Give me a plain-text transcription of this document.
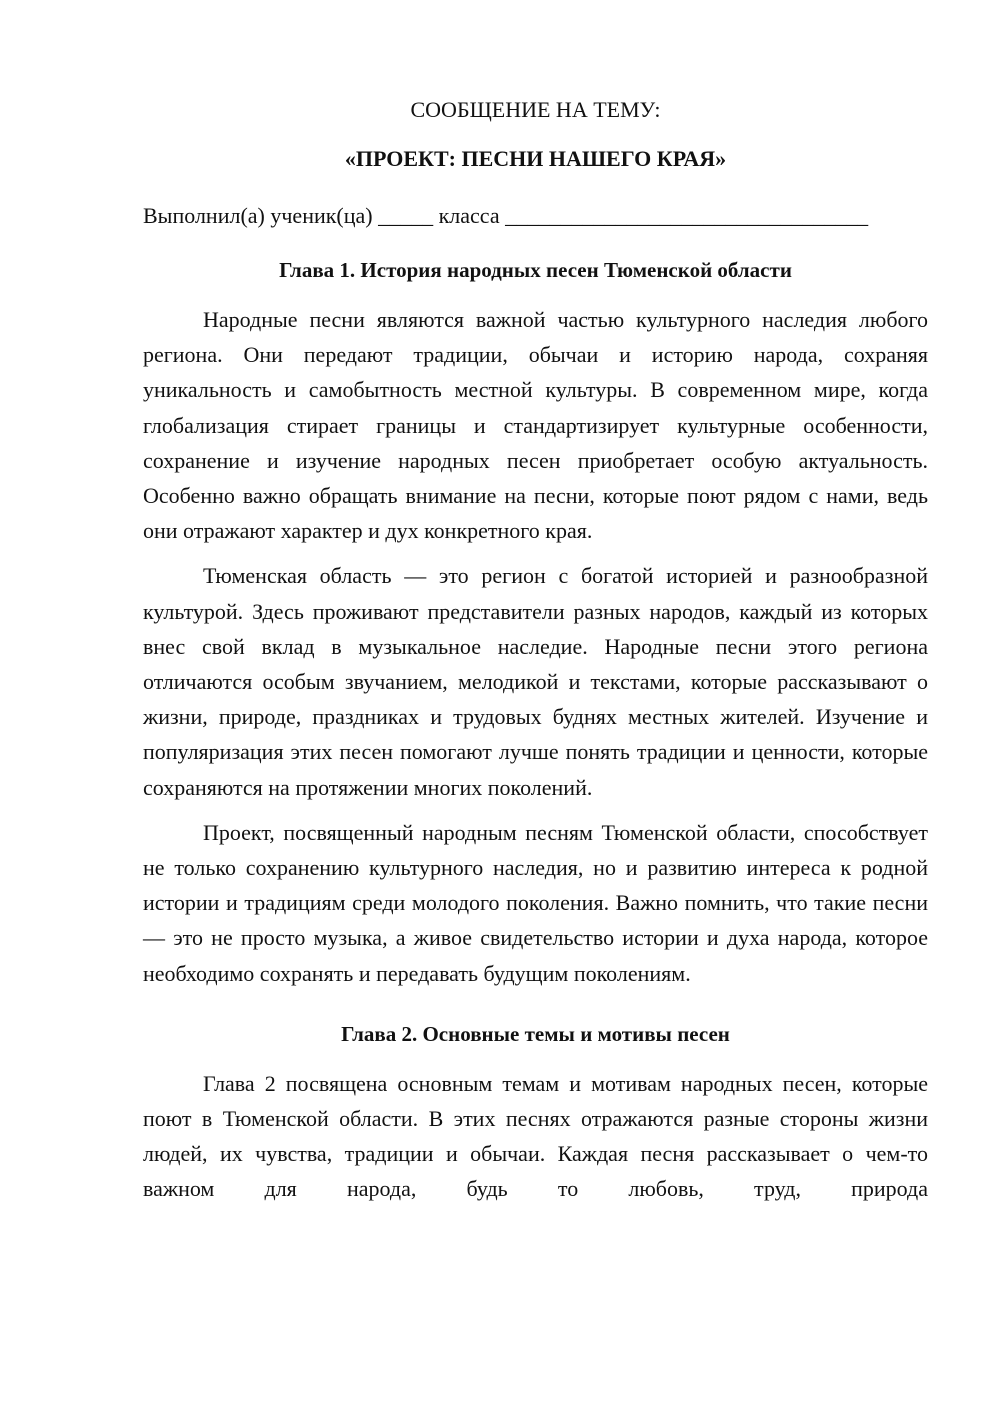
СООБЩЕНИЕ НА ТЕМУ:
«ПРОЕКТ: ПЕСНИ НАШЕГО КРАЯ»

Выполнил(а) ученик(ца) _____ класса _________________________________

Глава 1. История народных песен Тюменской области

Народные песни являются важной частью культурного наследия любого региона. Они передают традиции, обычаи и историю народа, сохраняя уникальность и самобытность местной культуры. В современном мире, когда глобализация стирает границы и стандартизирует культурные особенности, сохранение и изучение народных песен приобретает особую актуальность. Особенно важно обращать внимание на песни, которые поют рядом с нами, ведь они отражают характер и дух конкретного края.

Тюменская область — это регион с богатой историей и разнообразной культурой. Здесь проживают представители разных народов, каждый из которых внес свой вклад в музыкальное наследие. Народные песни этого региона отличаются особым звучанием, мелодикой и текстами, которые рассказывают о жизни, природе, праздниках и трудовых буднях местных жителей. Изучение и популяризация этих песен помогают лучше понять традиции и ценности, которые сохраняются на протяжении многих поколений.

Проект, посвященный народным песням Тюменской области, способствует не только сохранению культурного наследия, но и развитию интереса к родной истории и традициям среди молодого поколения. Важно помнить, что такие песни — это не просто музыка, а живое свидетельство истории и духа народа, которое необходимо сохранять и передавать будущим поколениям.

Глава 2. Основные темы и мотивы песен

Глава 2 посвящена основным темам и мотивам народных песен, которые поют в Тюменской области. В этих песнях отражаются разные стороны жизни людей, их чувства, традиции и обычаи. Каждая песня рассказывает о чем-то важном для народа, будь то любовь, труд, природа
